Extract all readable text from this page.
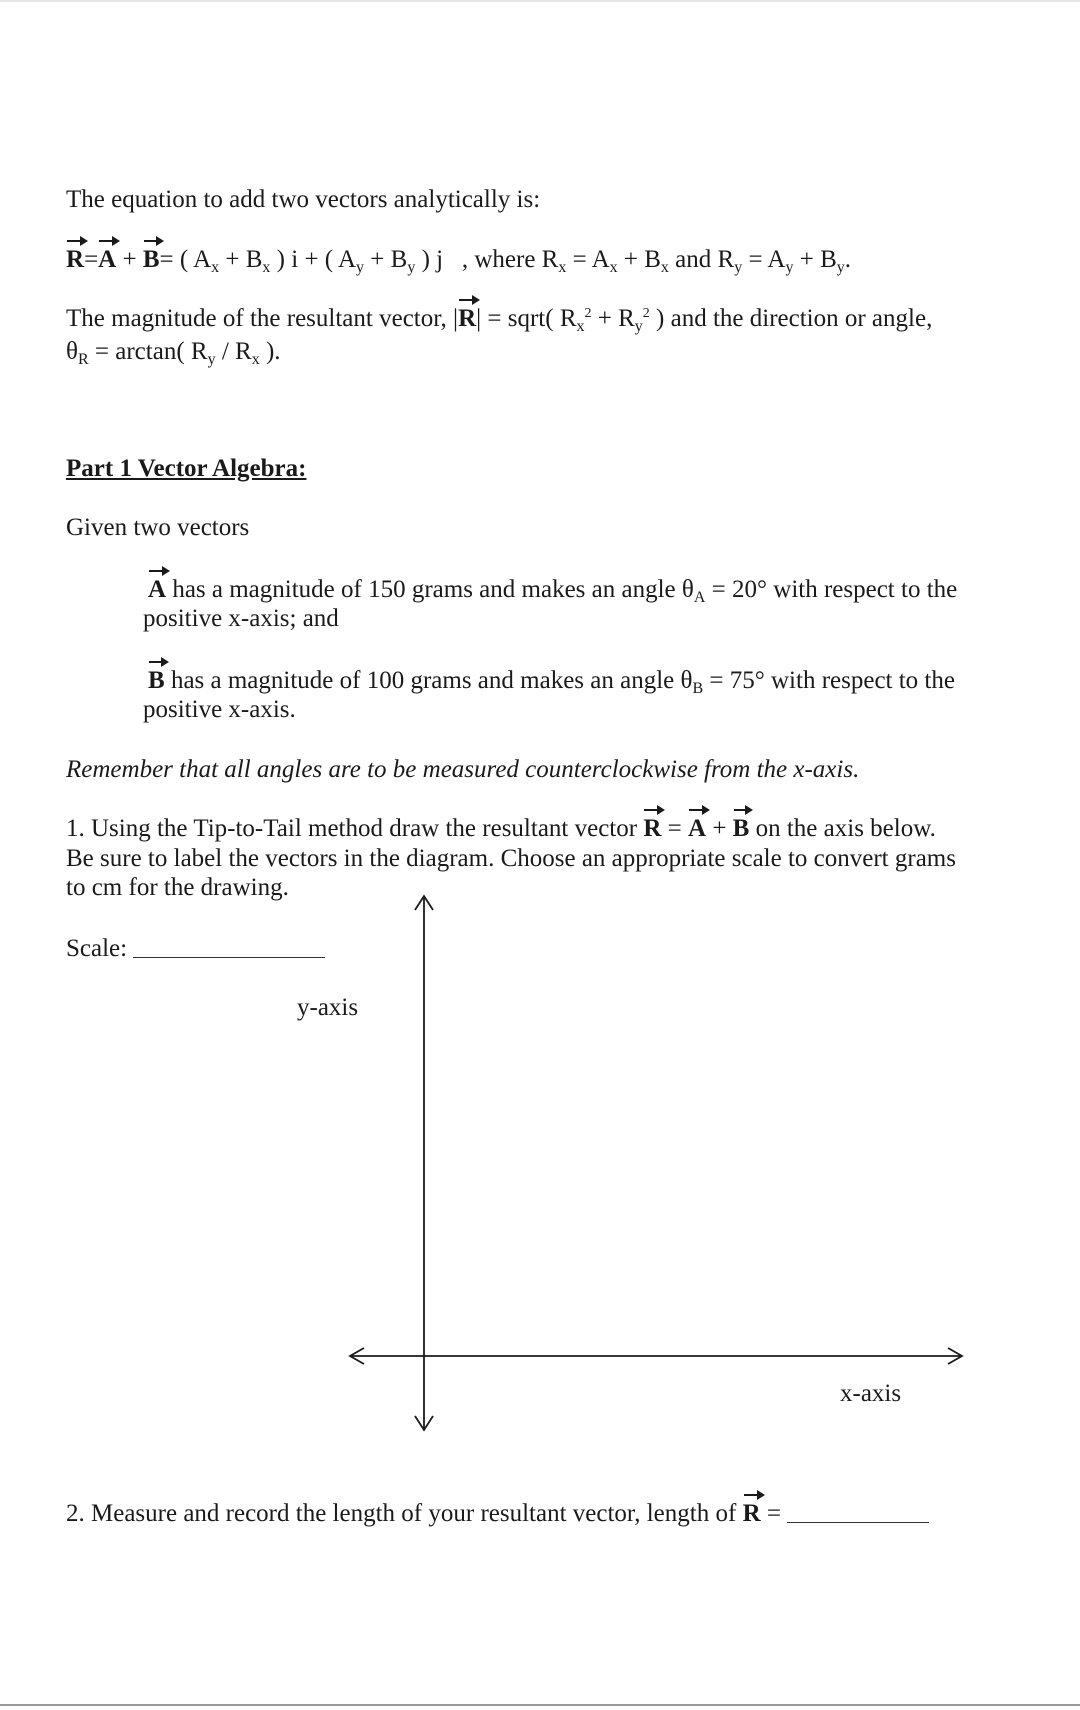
The equation to add two vectors analytically is:
R=A + B= ( $A_x + B_x$ ) i + ( $A_y + B_y$ ) j , where $R_x = A_x + B_x$ and $R_y = A_y + B_y$.
The magnitude of the resultant vector, |R| = sqrt( $R_x^2 + R_y^2$ ) and the direction or angle,
$\theta_R = \arctan$( $R_y / R_x$ ).
Part 1 Vector Algebra:
Given two vectors
A has a magnitude of 150 grams and makes an angle $\theta_A = 20^\circ$ with respect to the
positive x-axis; and
B has a magnitude of 100 grams and makes an angle $\theta_B = 75^\circ$ with respect to the
positive x-axis.
Remember that all angles are to be measured counterclockwise from the x-axis.
1. Using the Tip-to-Tail method draw the resultant vector R = A + B on the axis below.
Be sure to label the vectors in the diagram. Choose an appropriate scale to convert grams
to cm for the drawing.
Scale:
y-axis
x-axis
2. Measure and record the length of your resultant vector, length of R =
